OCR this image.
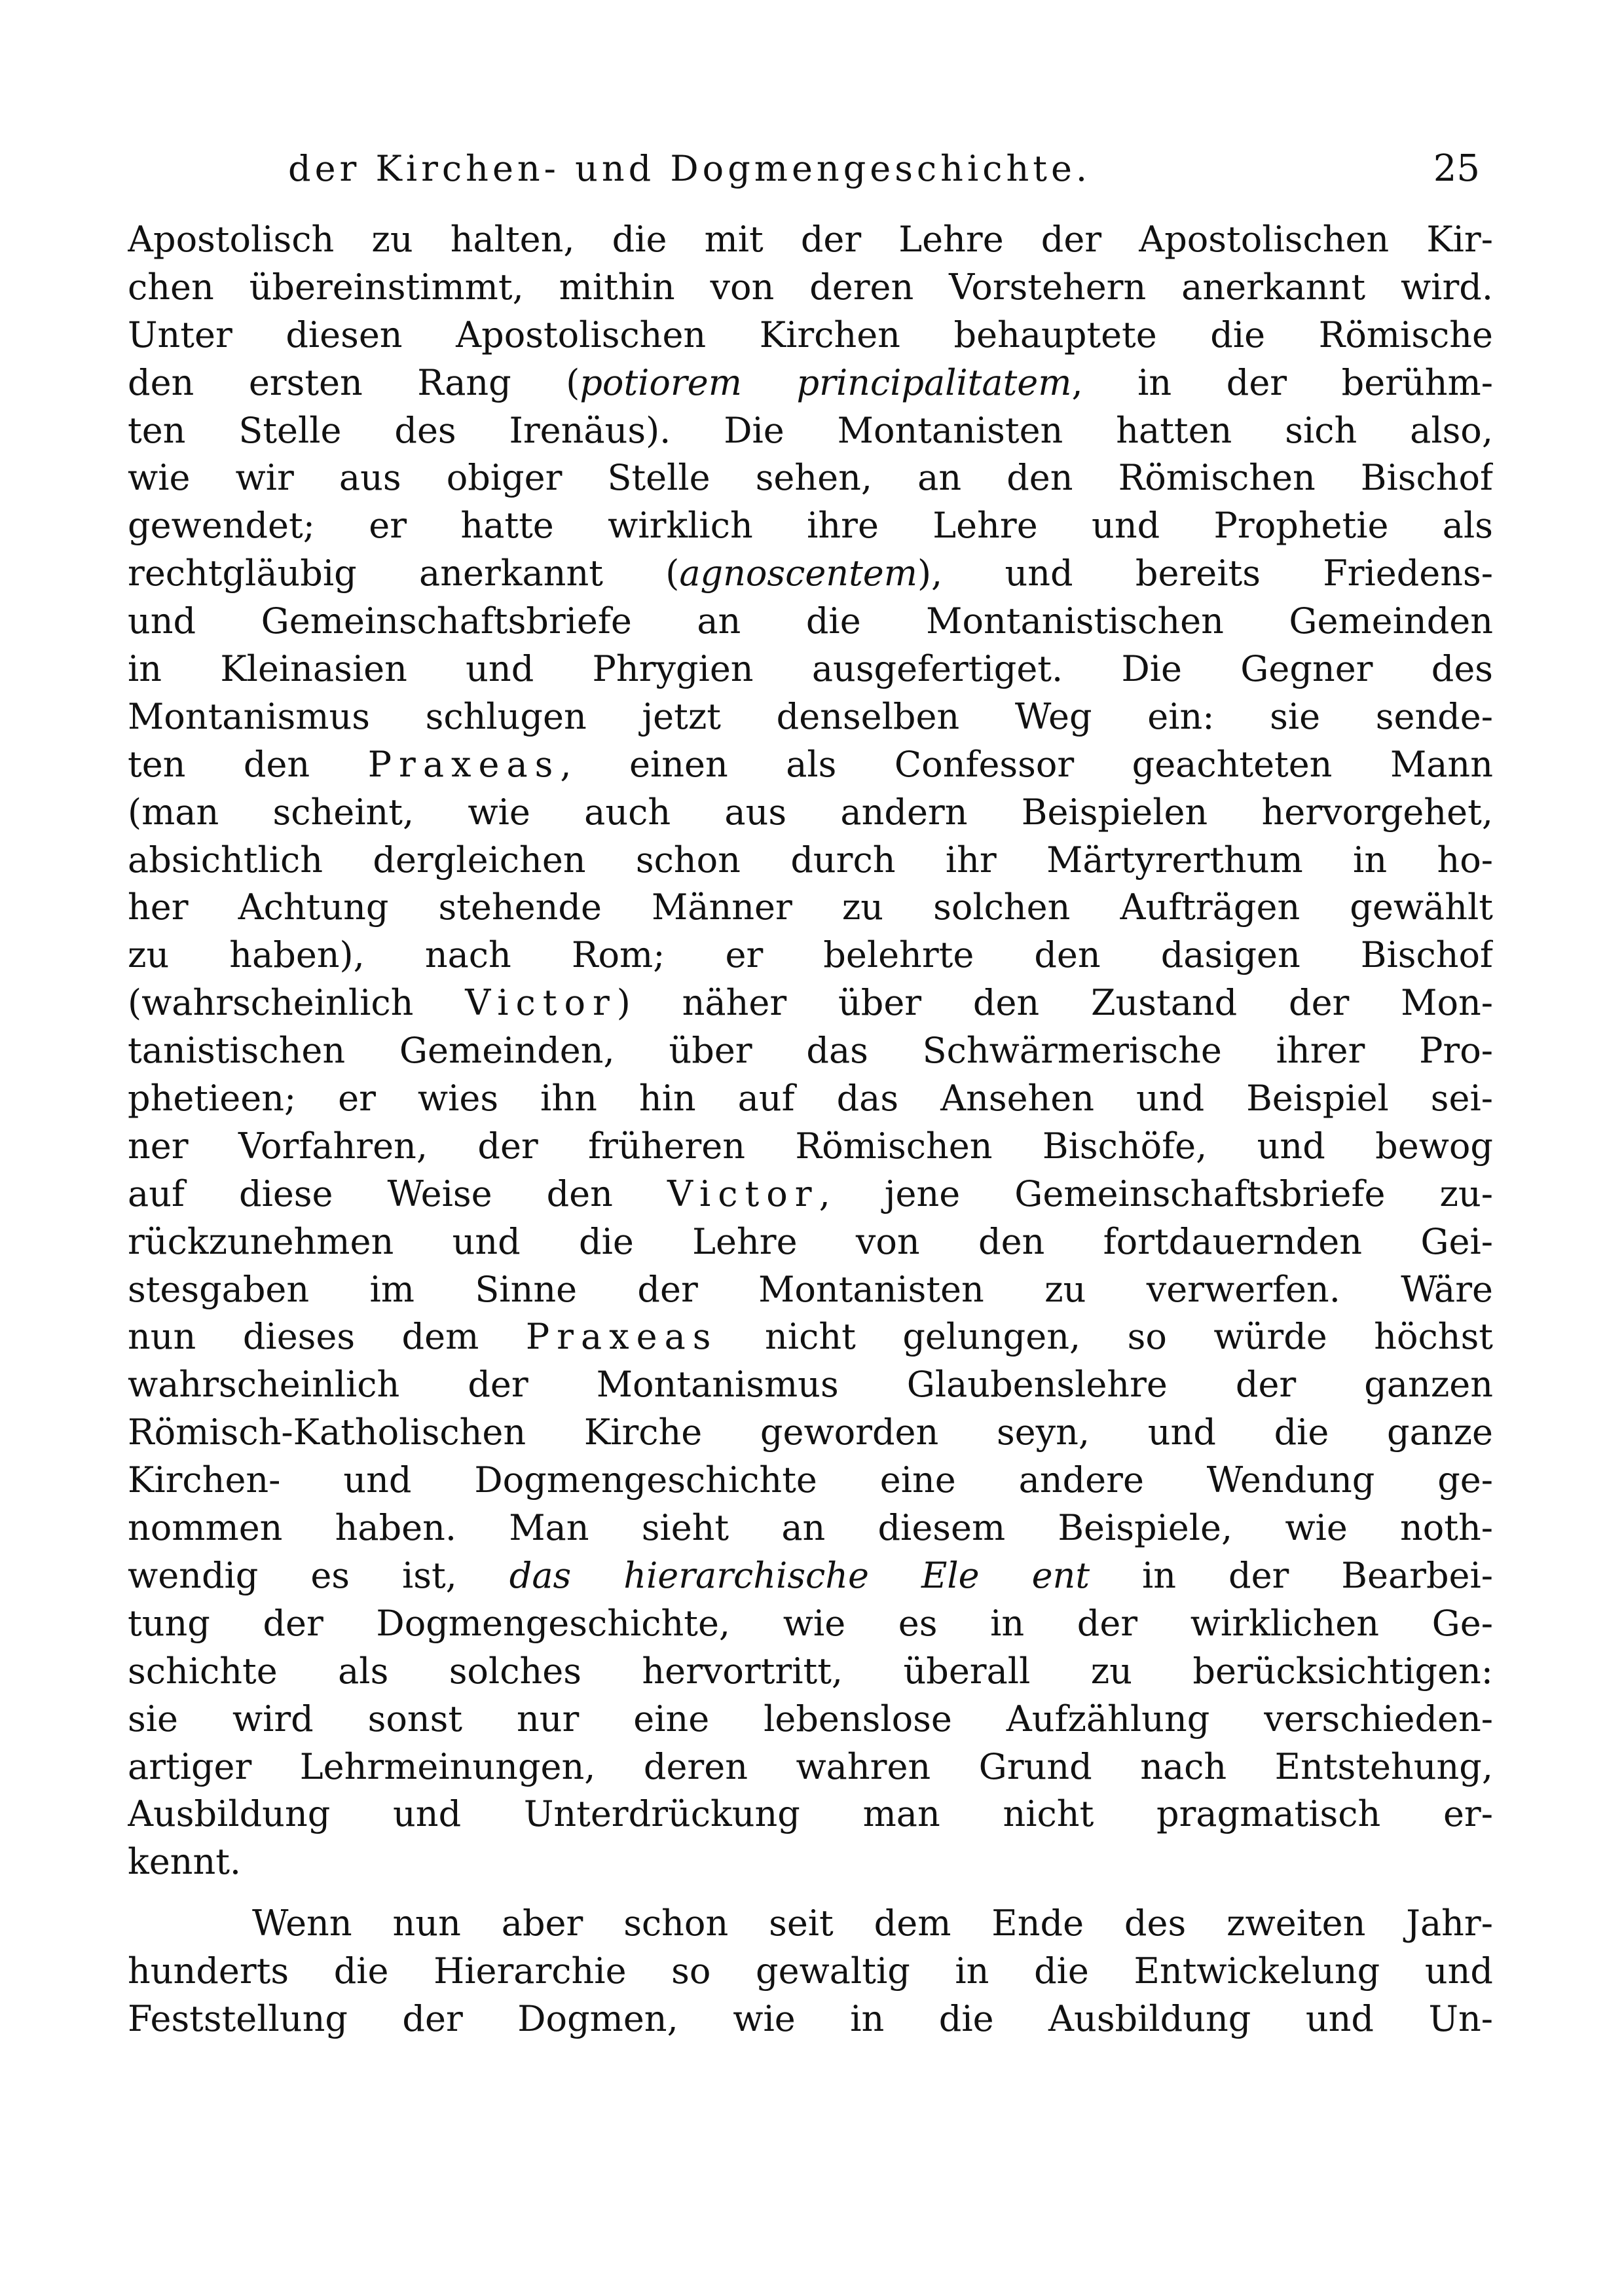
der Kirchen- und Dogmengeschichte.	25
Apostolisch zu halten, die mit der Lehre der Apostolischen Kir-
chen übereinstimmt, mithin von deren Vorstehern anerkannt wird.
Unter diesen Apostolischen Kirchen behauptete die Römische
den ersten Rang (potiorem principalitatem, in der berühm-
ten Stelle des Irenäus). Die Montanisten hatten sich also,
wie wir aus obiger Stelle sehen, an den Römischen Bischof
gewendet; er hatte wirklich ihre Lehre und Prophetie als
rechtgläubig anerkannt (agnoscentem), und bereits Friedens-
und Gemeinschaftsbriefe an die Montanistischen Gemeinden
in Kleinasien und Phrygien ausgefertiget. Die Gegner des
Montanismus schlugen jetzt denselben Weg ein: sie sende-
ten den Praxeas, einen als Confessor geachteten Mann
(man scheint, wie auch aus andern Beispielen hervorgehet,
absichtlich dergleichen schon durch ihr Märtyrerthum in ho-
her Achtung stehende Männer zu solchen Aufträgen gewählt
zu haben), nach Rom; er belehrte den dasigen Bischof
(wahrscheinlich Victor) näher über den Zustand der Mon-
tanistischen Gemeinden, über das Schwärmerische ihrer Pro-
phetieen; er wies ihn hin auf das Ansehen und Beispiel sei-
ner Vorfahren, der früheren Römischen Bischöfe, und bewog
auf diese Weise den Victor, jene Gemeinschaftsbriefe zu-
rückzunehmen und die Lehre von den fortdauernden Gei-
stesgaben im Sinne der Montanisten zu verwerfen. Wäre
nun dieses dem Praxeas nicht gelungen, so würde höchst
wahrscheinlich der Montanismus Glaubenslehre der ganzen
Römisch-Katholischen Kirche geworden seyn, und die ganze
Kirchen- und Dogmengeschichte eine andere Wendung ge-
nommen haben. Man sieht an diesem Beispiele, wie noth-
wendig es ist, das hierarchische Ele ent in der Bearbei-
tung der Dogmengeschichte, wie es in der wirklichen Ge-
schichte als solches hervortritt, überall zu berücksichtigen:
sie wird sonst nur eine lebenslose Aufzählung verschieden-
artiger Lehrmeinungen, deren wahren Grund nach Entstehung,
Ausbildung und Unterdrückung man nicht pragmatisch er-
kennt.
Wenn nun aber schon seit dem Ende des zweiten Jahr-
hunderts die Hierarchie so gewaltig in die Entwickelung und
Feststellung der Dogmen, wie in die Ausbildung und Un-
